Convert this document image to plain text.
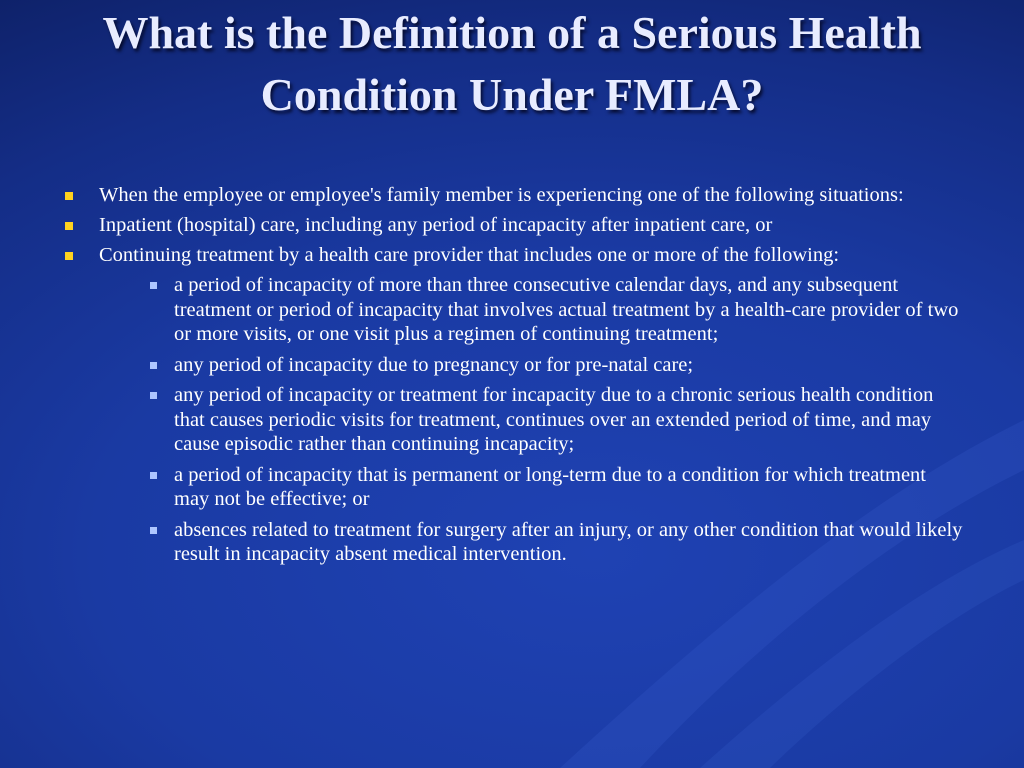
What is the Definition of a Serious Health Condition Under FMLA?
When the employee or employee's family member is experiencing one of the following situations:
Inpatient (hospital) care, including any period of incapacity after inpatient care, or
Continuing treatment by a health care provider that includes one or more of the following:
a period of incapacity of more than three consecutive calendar days, and any subsequent treatment or period of incapacity that involves actual treatment by a health-care provider of two or more visits, or one visit plus a regimen of continuing treatment;
any period of incapacity due to pregnancy or for pre-natal care;
any period of incapacity or treatment for incapacity due to a chronic serious health condition that causes periodic visits for treatment, continues over an extended period of time, and may cause episodic rather than continuing incapacity;
a period of incapacity that is permanent or long-term due to a condition for which treatment may not be effective; or
absences related to treatment for surgery after an injury, or any other condition that would likely result in incapacity absent medical intervention.
